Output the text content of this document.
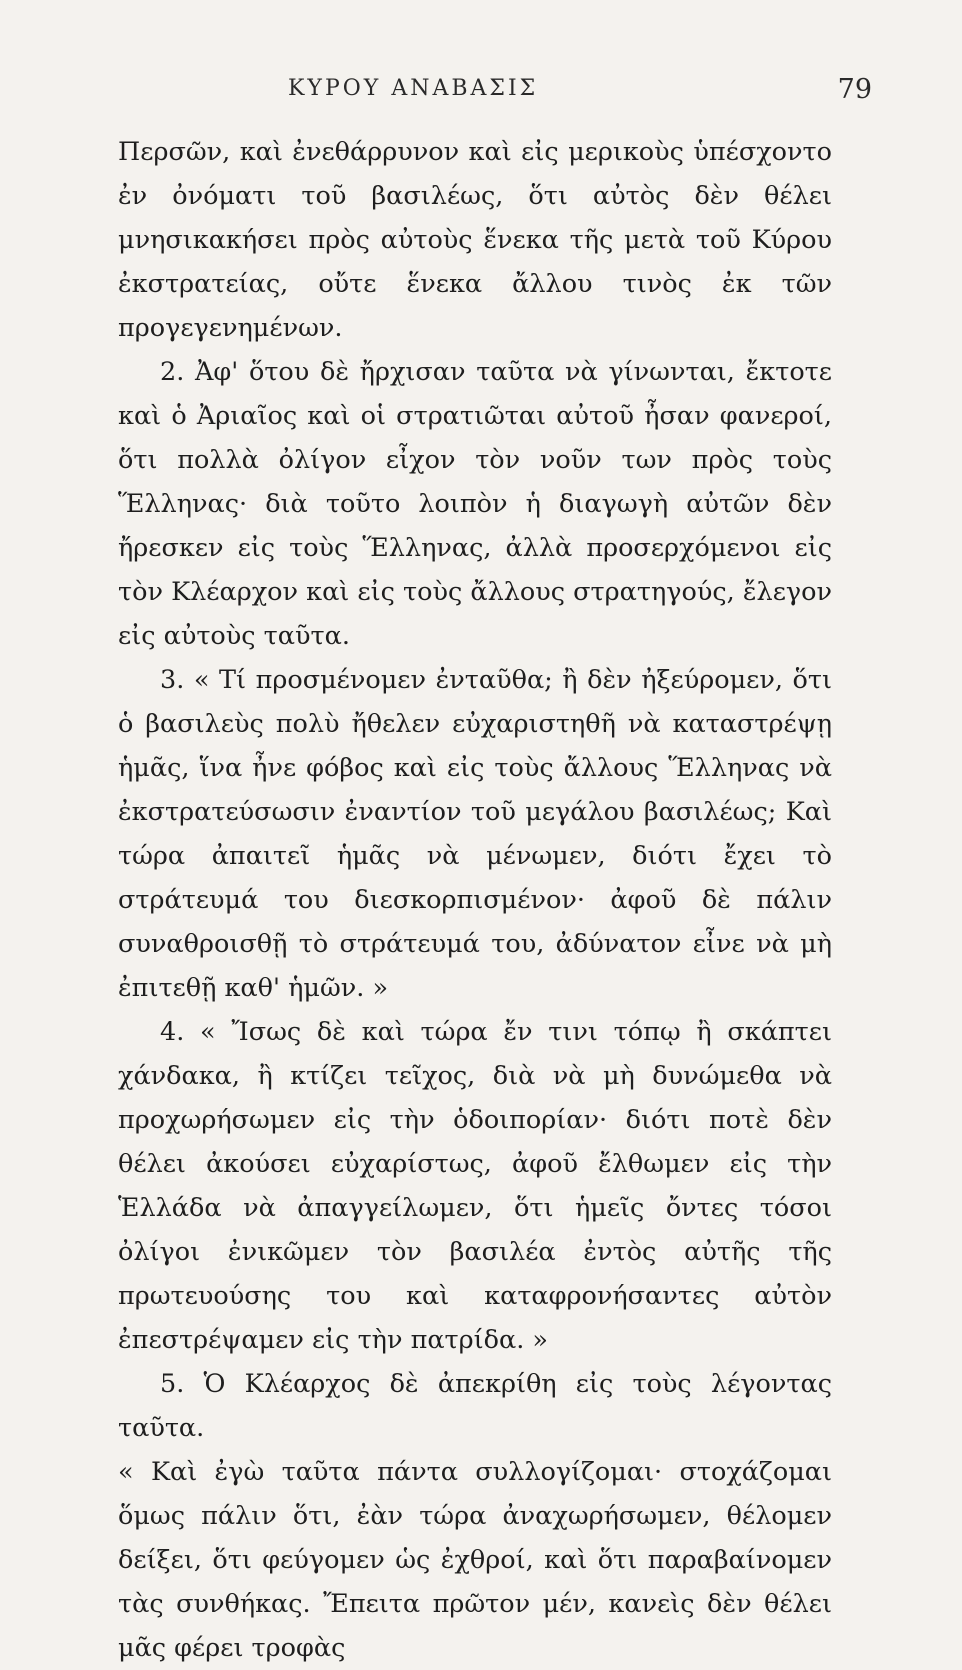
ΚΥΡΟΥ ΑΝΑΒΑΣΙΣ	79

Περσῶν, καὶ ἐνεθάρρυνον καὶ εἰς μερικοὺς ὑπέσχοντο ἐν ὀνόματι τοῦ βασιλέως, ὅτι αὐτὸς δὲν θέλει μνησικακήσει πρὸς αὐτοὺς ἕνεκα τῆς μετὰ τοῦ Κύρου ἐκστρατείας, οὔτε ἕνεκα ἄλλου τινὸς ἐκ τῶν προγεγενημένων.

2. Ἀφ' ὅτου δὲ ἤρχισαν ταῦτα νὰ γίνωνται, ἔκτοτε καὶ ὁ Ἀριαῖος καὶ οἱ στρατιῶται αὐτοῦ ἦσαν φανεροί, ὅτι πολλὰ ὀλίγον εἶχον τὸν νοῦν των πρὸς τοὺς Ἕλληνας· διὰ τοῦτο λοιπὸν ἡ διαγωγὴ αὐτῶν δὲν ἤρεσκεν εἰς τοὺς Ἕλληνας, ἀλλὰ προσερχόμενοι εἰς τὸν Κλέαρχον καὶ εἰς τοὺς ἄλλους στρατηγούς, ἔλεγον εἰς αὐτοὺς ταῦτα.

3. « Τί προσμένομεν ἐνταῦθα; ἢ δὲν ἠξεύρομεν, ὅτι ὁ βασιλεὺς πολὺ ἤθελεν εὐχαριστηθῆ νὰ καταστρέψῃ ἡμᾶς, ἵνα ἦνε φόβος καὶ εἰς τοὺς ἄλλους Ἕλληνας νὰ ἐκστρατεύσωσιν ἐναντίον τοῦ μεγάλου βασιλέως; Καὶ τώρα ἀπαιτεῖ ἡμᾶς νὰ μένωμεν, διότι ἔχει τὸ στράτευμά του διεσκορπισμένον· ἀφοῦ δὲ πάλιν συναθροισθῇ τὸ στράτευμά του, ἀδύνατον εἶνε νὰ μὴ ἐπιτεθῇ καθ' ἡμῶν. »

4. « Ἴσως δὲ καὶ τώρα ἔν τινι τόπῳ ἢ σκάπτει χάνδακα, ἢ κτίζει τεῖχος, διὰ νὰ μὴ δυνώμεθα νὰ προχωρήσωμεν εἰς τὴν ὁδοιπορίαν· διότι ποτὲ δὲν θέλει ἀκούσει εὐχαρίστως, ἀφοῦ ἔλθωμεν εἰς τὴν Ἑλλάδα νὰ ἀπαγγείλωμεν, ὅτι ἡμεῖς ὄντες τόσοι ὀλίγοι ἐνικῶμεν τὸν βασιλέα ἐντὸς αὐτῆς τῆς πρωτευούσης του καὶ καταφρονήσαντες αὐτὸν ἐπεστρέψαμεν εἰς τὴν πατρίδα. »

5. Ὁ Κλέαρχος δὲ ἀπεκρίθη εἰς τοὺς λέγοντας ταῦτα.

« Καὶ ἐγὼ ταῦτα πάντα συλλογίζομαι· στοχάζομαι ὅμως πάλιν ὅτι, ἐὰν τώρα ἀναχωρήσωμεν, θέλομεν δείξει, ὅτι φεύγομεν ὡς ἐχθροί, καὶ ὅτι παραβαίνομεν τὰς συνθήκας. Ἔπειτα πρῶτον μέν, κανεὶς δὲν θέλει μᾶς φέρει τροφὰς
